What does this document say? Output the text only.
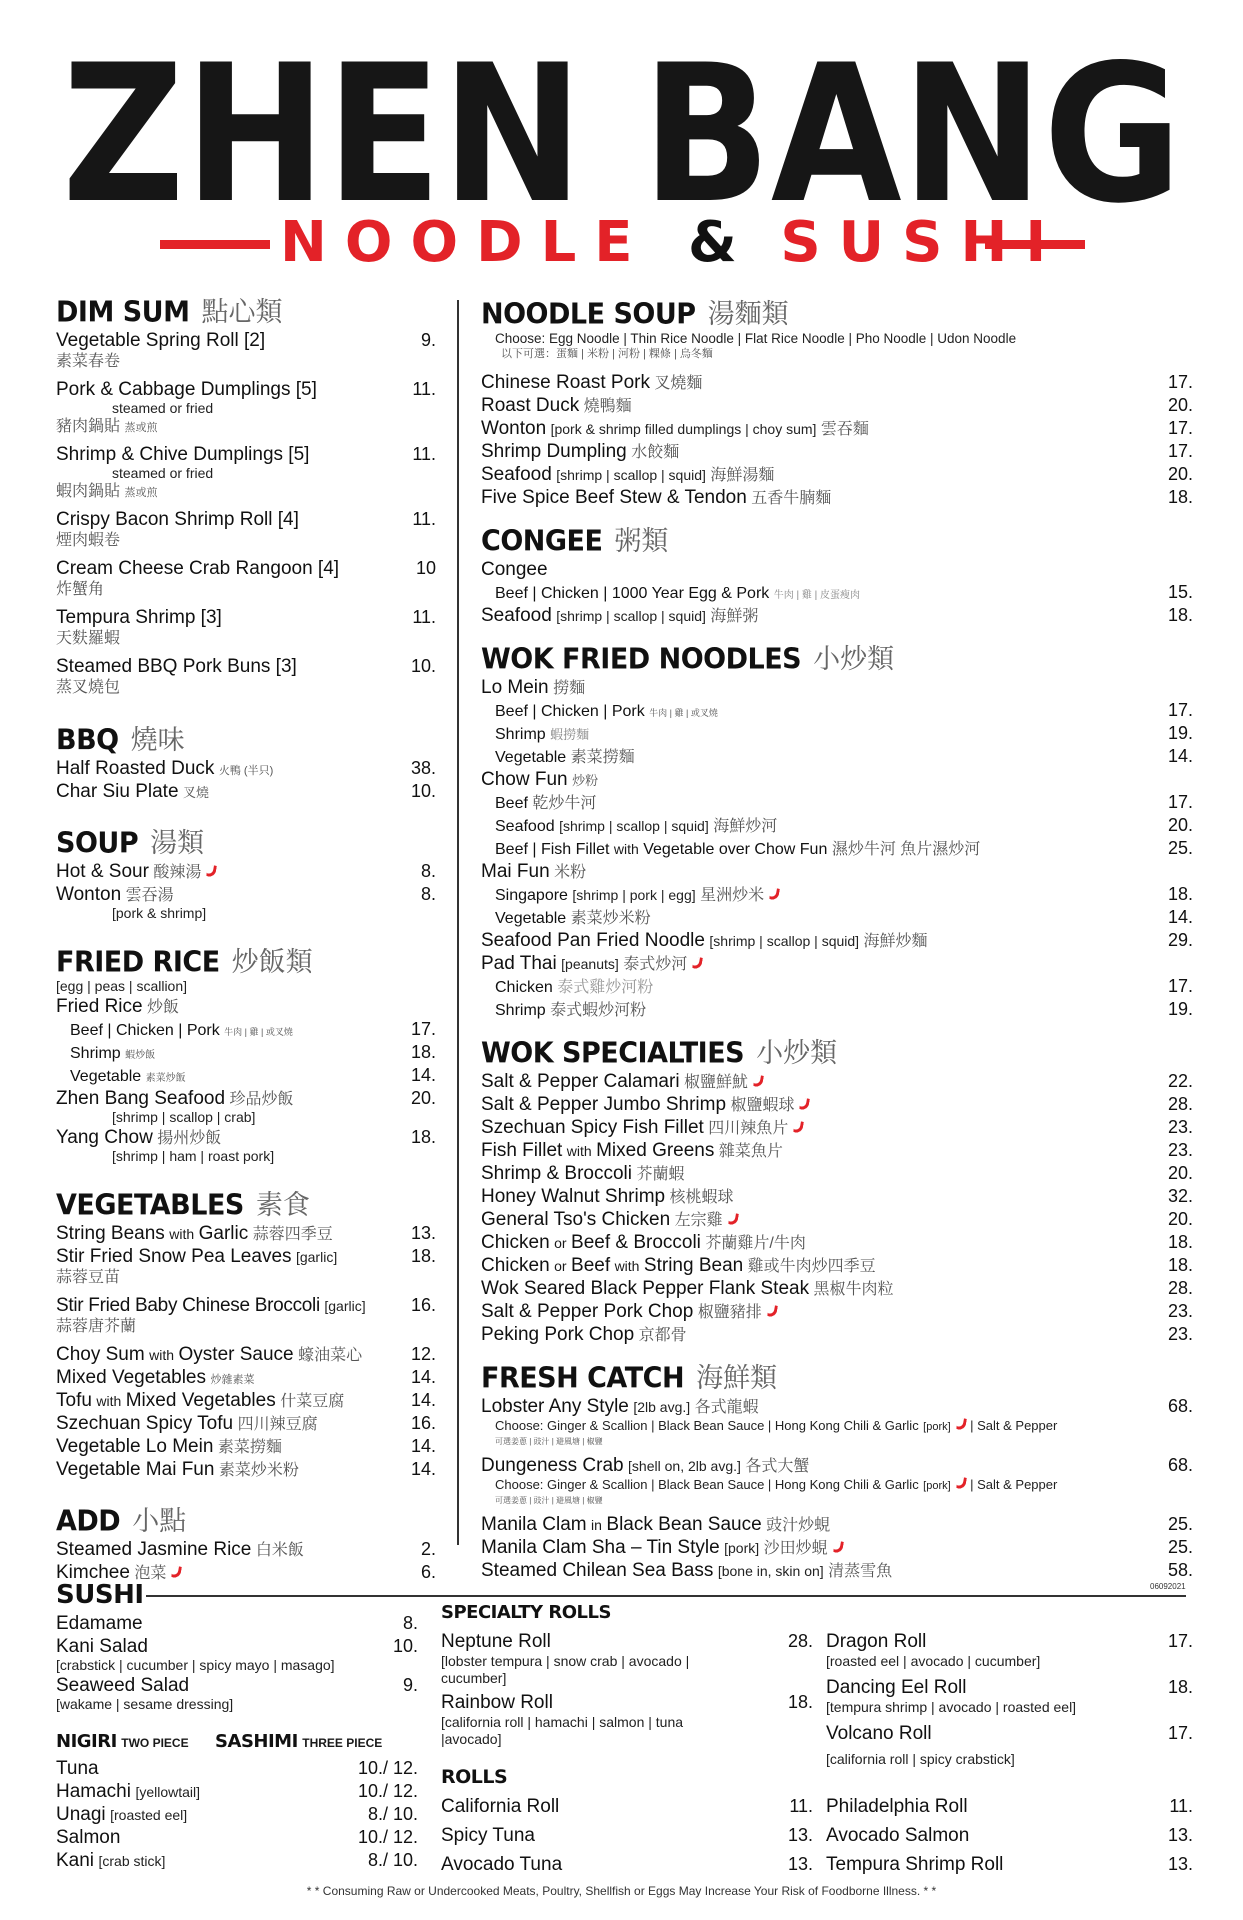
ZHEN BANG
NOODLE & SUSHI
DIM SUM 點心類
Vegetable Spring Roll [2]	9.
素菜春卷
Pork & Cabbage Dumplings [5]	11.
steamed or fried
豬肉鍋貼 蒸或煎
Shrimp & Chive Dumplings [5]	11.
steamed or fried
蝦肉鍋貼 蒸或煎
Crispy Bacon Shrimp Roll [4]	11.
煙肉蝦卷
Cream Cheese Crab Rangoon [4]	10
炸蟹角
Tempura Shrimp [3]	11.
天麩羅蝦
Steamed BBQ Pork Buns [3]	10.
蒸叉燒包
BBQ 燒味
Half Roasted Duck 火鴨 (半只)	38.
Char Siu Plate 叉燒	10.
SOUP 湯類
Hot & Sour 酸辣湯	8.
Wonton 雲吞湯	8.
[pork & shrimp]
FRIED RICE 炒飯類
[egg | peas | scallion]
Fried Rice 炒飯
Beef | Chicken | Pork 牛肉 | 雞 | 或叉燒	17.
Shrimp 蝦炒飯	18.
Vegetable 素菜炒飯	14.
Zhen Bang Seafood 珍品炒飯	20.
[shrimp | scallop | crab]
Yang Chow 揚州炒飯	18.
[shrimp | ham | roast pork]
VEGETABLES 素食
String Beans with Garlic 蒜蓉四季豆	13.
Stir Fried Snow Pea Leaves [garlic]	18.
蒜蓉豆苗
Stir Fried Baby Chinese Broccoli [garlic]	16.
蒜蓉唐芥蘭
Choy Sum with Oyster Sauce 蠔油菜心	12.
Mixed Vegetables 炒雜素菜	14.
Tofu with Mixed Vegetables 什菜豆腐	14.
Szechuan Spicy Tofu 四川辣豆腐	16.
Vegetable Lo Mein 素菜撈麵	14.
Vegetable Mai Fun 素菜炒米粉	14.
ADD 小點
Steamed Jasmine Rice 白米飯	2.
Kimchee 泡菜	6.
NOODLE SOUP 湯麵類
Choose: Egg Noodle | Thin Rice Noodle | Flat Rice Noodle | Pho Noodle | Udon Noodle
以下可選：蛋麵 | 米粉 | 河粉 | 粿條 | 烏冬麵
Chinese Roast Pork 叉燒麵	17.
Roast Duck 燒鴨麵	20.
Wonton [pork & shrimp filled dumplings | choy sum] 雲吞麵	17.
Shrimp Dumpling 水餃麵	17.
Seafood [shrimp | scallop | squid] 海鮮湯麵	20.
Five Spice Beef Stew & Tendon 五香牛腩麵	18.
CONGEE 粥類
Congee
Beef | Chicken | 1000 Year Egg & Pork 牛肉 | 雞 | 皮蛋瘦肉	15.
Seafood [shrimp | scallop | squid] 海鮮粥	18.
WOK FRIED NOODLES 小炒類
Lo Mein 撈麵
Beef | Chicken | Pork 牛肉 | 雞 | 或叉燒	17.
Shrimp 蝦撈麵	19.
Vegetable 素菜撈麵	14.
Chow Fun 炒粉
Beef 乾炒牛河	17.
Seafood [shrimp | scallop | squid] 海鮮炒河	20.
Beef | Fish Fillet with Vegetable over Chow Fun 濕炒牛河 魚片濕炒河	25.
Mai Fun 米粉
Singapore [shrimp | pork | egg] 星洲炒米	18.
Vegetable 素菜炒米粉	14.
Seafood Pan Fried Noodle [shrimp | scallop | squid] 海鮮炒麵	29.
Pad Thai [peanuts] 泰式炒河
Chicken 泰式雞炒河粉	17.
Shrimp 泰式蝦炒河粉	19.
WOK SPECIALTIES 小炒類
Salt & Pepper Calamari 椒鹽鮮魷	22.
Salt & Pepper Jumbo Shrimp 椒鹽蝦球	28.
Szechuan Spicy Fish Fillet 四川辣魚片	23.
Fish Fillet with Mixed Greens 雜菜魚片	23.
Shrimp & Broccoli 芥蘭蝦	20.
Honey Walnut Shrimp 核桃蝦球	32.
General Tso's Chicken 左宗雞	20.
Chicken or Beef & Broccoli 芥蘭雞片/牛肉	18.
Chicken or Beef with String Bean 雞或牛肉炒四季豆	18.
Wok Seared Black Pepper Flank Steak 黑椒牛肉粒	28.
Salt & Pepper Pork Chop 椒鹽豬排	23.
Peking Pork Chop 京都骨	23.
FRESH CATCH 海鮮類
Lobster Any Style [2lb avg.] 各式龍蝦	68.
Choose: Ginger & Scallion | Black Bean Sauce | Hong Kong Chili & Garlic [pork] | Salt & Pepper
可選姜蔥 | 豉汁 | 避風塘 | 椒鹽
Dungeness Crab [shell on, 2lb avg.] 各式大蟹	68.
Choose: Ginger & Scallion | Black Bean Sauce | Hong Kong Chili & Garlic [pork] | Salt & Pepper
可選姜蔥 | 豉汁 | 避風塘 | 椒鹽
Manila Clam in Black Bean Sauce 豉汁炒蜆	25.
Manila Clam Sha – Tin Style [pork] 沙田炒蜆	25.
Steamed Chilean Sea Bass [bone in, skin on] 清蒸雪魚	58.
06092021
SUSHI
Edamame	8.
Kani Salad	10.
[crabstick | cucumber | spicy mayo | masago]
Seaweed Salad	9.
[wakame | sesame dressing]
NIGIRI TWO PIECE SASHIMI THREE PIECE
Tuna	10./ 12.
Hamachi [yellowtail]	10./ 12.
Unagi [roasted eel]	8./ 10.
Salmon	10./ 12.
Kani [crab stick]	8./ 10.
SPECIALTY ROLLS
Neptune Roll	28.
[lobster tempura | snow crab | avocado | cucumber]
Rainbow Roll	18.
[california roll | hamachi | salmon | tuna |avocado]
Dragon Roll	17.
[roasted eel | avocado | cucumber]
Dancing Eel Roll	18.
[tempura shrimp | avocado | roasted eel]
Volcano Roll	17.
[california roll | spicy crabstick]
ROLLS
California Roll	11.
Spicy Tuna	13.
Avocado Tuna	13.
Philadelphia Roll	11.
Avocado Salmon	13.
Tempura Shrimp Roll	13.
* * Consuming Raw or Undercooked Meats, Poultry, Shellfish or Eggs May Increase Your Risk of Foodborne Illness. * *
